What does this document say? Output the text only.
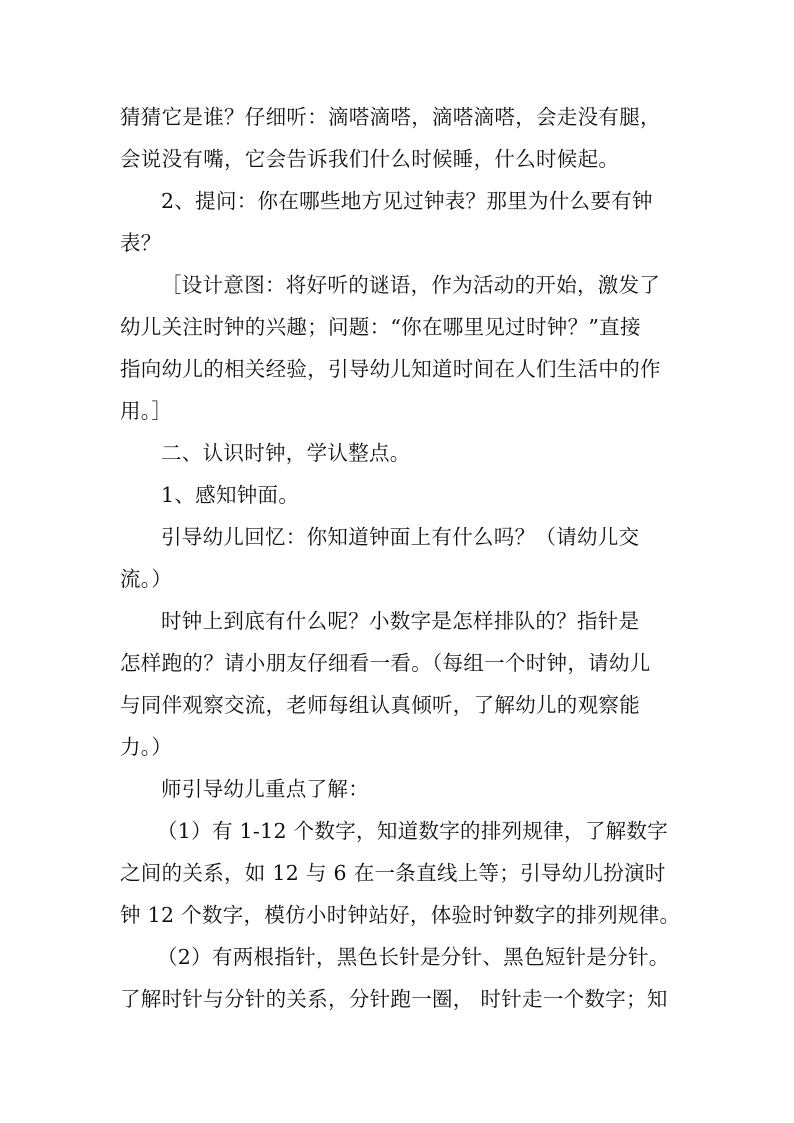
猜猜它是谁？仔细听：滴嗒滴嗒，滴嗒滴嗒，会走没有腿，
会说没有嘴，它会告诉我们什么时候睡，什么时候起。
2、提问：你在哪些地方见过钟表？那里为什么要有钟
表？
［设计意图：将好听的谜语，作为活动的开始，激发了
幼儿关注时钟的兴趣；问题：“你在哪里见过时钟？”直接
指向幼儿的相关经验，引导幼儿知道时间在人们生活中的作
用。］
二、认识时钟，学认整点。
1、感知钟面。
引导幼儿回忆：你知道钟面上有什么吗？（请幼儿交
流。）
时钟上到底有什么呢？小数字是怎样排队的？指针是
怎样跑的？请小朋友仔细看一看。（每组一个时钟，请幼儿
与同伴观察交流，老师每组认真倾听，了解幼儿的观察能
力。）
师引导幼儿重点了解：
（1）有 1-12 个数字，知道数字的排列规律，了解数字
之间的关系，如 12 与 6 在一条直线上等；引导幼儿扮演时
钟 12 个数字，模仿小时钟站好，体验时钟数字的排列规律。
（2）有两根指针，黑色长针是分针、黑色短针是分针。
了解时针与分针的关系，分针跑一圈， 时针走一个数字；知
